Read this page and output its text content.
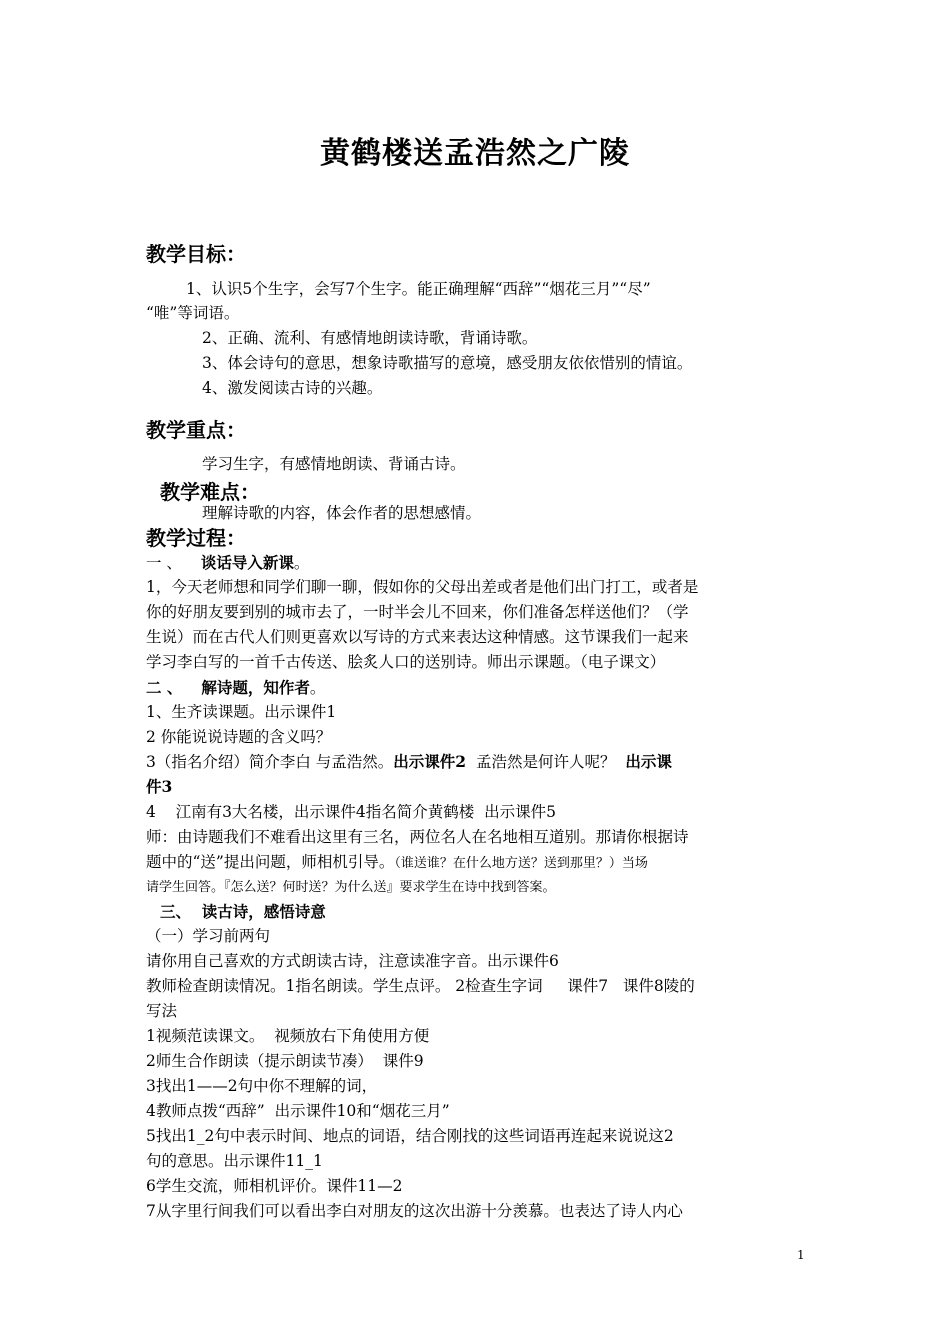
黄鹤楼送孟浩然之广陵
教学目标：
1、认识5个生字，会写7个生字。能正确理解“西辞”“烟花三月”“尽”
“唯”等词语。
2、正确、流利、有感情地朗读诗歌，背诵诗歌。
3、体会诗句的意思，想象诗歌描写的意境，感受朋友依依惜别的情谊。
4、激发阅读古诗的兴趣。
教学重点：
学习生字，有感情地朗读、背诵古诗。
教学难点：
理解诗歌的内容，体会作者的思想感情。
教学过程：
一 、 谈话导入新课。
1，今天老师想和同学们聊一聊，假如你的父母出差或者是他们出门打工，或者是
你的好朋友要到别的城市去了，一时半会儿不回来，你们准备怎样送他们？（学
生说）而在古代人们则更喜欢以写诗的方式来表达这种情感。这节课我们一起来
学习李白写的一首千古传送、脍炙人口的送别诗。师出示课题。（电子课文）
二 、 解诗题，知作者。
1、生齐读课题。出示课件1
2 你能说说诗题的含义吗？
3（指名介绍）简介李白 与孟浩然。出示课件2  孟浩然是何许人呢？  出示课
件3
4    江南有3大名楼，出示课件4指名简介黄鹤楼  出示课件5
师：由诗题我们不难看出这里有三名，两位名人在名地相互道别。那请你根据诗
题中的“送”提出问题，师相机引导。（谁送谁？在什么地方送？送到那里？）当场
请学生回答。『怎么送？何时送？为什么送』要求学生在诗中找到答案。
三、  读古诗，感悟诗意
（一）学习前两句
请你用自己喜欢的方式朗读古诗，注意读准字音。出示课件6
教师检查朗读情况。1指名朗读。学生点评。 2检查生字词     课件7   课件8陵的
写法
1视频范读课文。  视频放右下角使用方便
2师生合作朗读（提示朗读节凑）  课件9
3找出1——2句中你不理解的词，
4教师点拨“西辞”  出示课件10和“烟花三月”
5找出1_2句中表示时间、地点的词语，结合刚找的这些词语再连起来说说这2
句的意思。出示课件11_1
6学生交流，师相机评价。课件11—2
7从字里行间我们可以看出李白对朋友的这次出游十分羡慕。也表达了诗人内心
1
